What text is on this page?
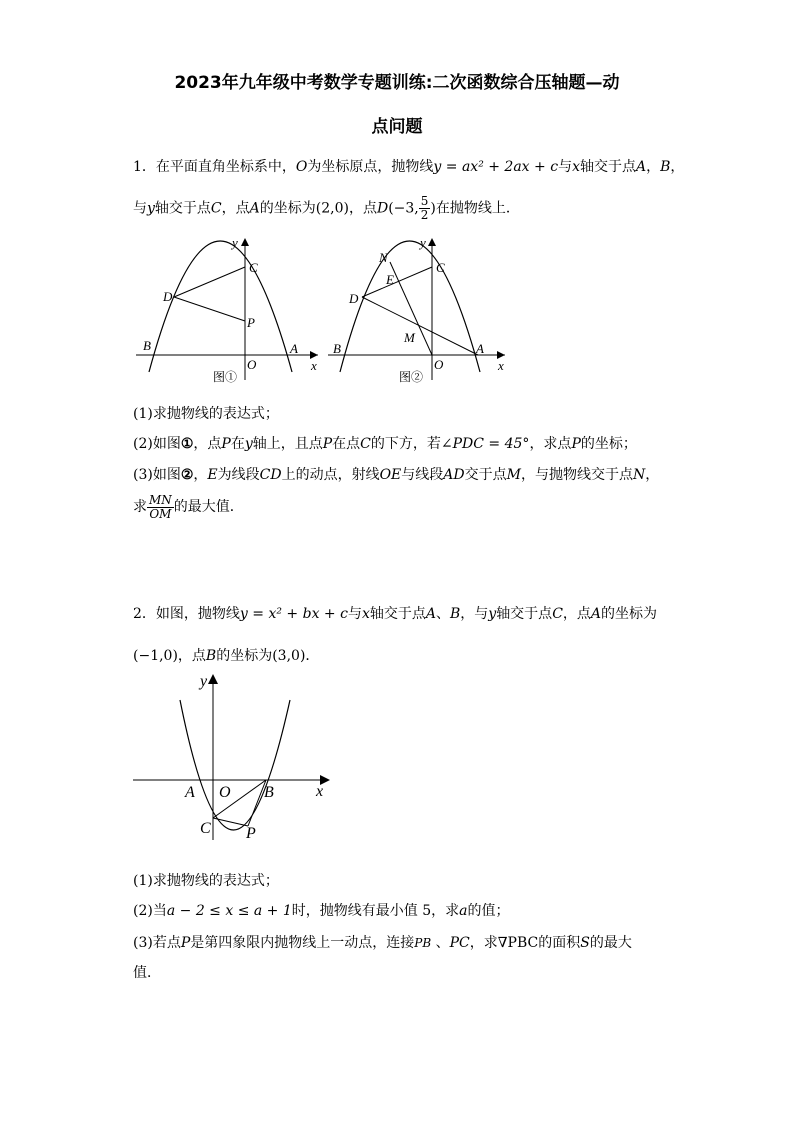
2023年九年级中考数学专题训练:二次函数综合压轴题—动
点问题
1．在平面直角坐标系中，O为坐标原点，抛物线y = ax² + 2ax + c与x轴交于点A，B，
与y轴交于点C，点A的坐标为(2,0)，点D(−3, $\frac{5}{2}$ )在抛物线上．
y
x
O
A
B
C
D
P
图①
y
x
O
A
B
C
D
N
E
M
图②
(1)求抛物线的表达式；
(2)如图①，点P在y轴上，且点P在点C的下方，若∠PDC = 45°，求点P的坐标；
(3)如图②，E为线段CD上的动点，射线OE与线段AD交于点M，与抛物线交于点N，
求 $\frac{MN}{OM}$ 的最大值．
2．如图，抛物线y = x² + bx + c与x轴交于点A、B，与y轴交于点C，点A的坐标为
(−1,0)，点B的坐标为(3,0)．
y
x
O
A	B
C P
(1)求抛物线的表达式；
(2)当a − 2 ≤ x ≤ a + 1时，抛物线有最小值 5，求a的值；
(3)若点P是第四象限内抛物线上一动点，连接PB 、PC，求∇PBC的面积S的最大
值．
